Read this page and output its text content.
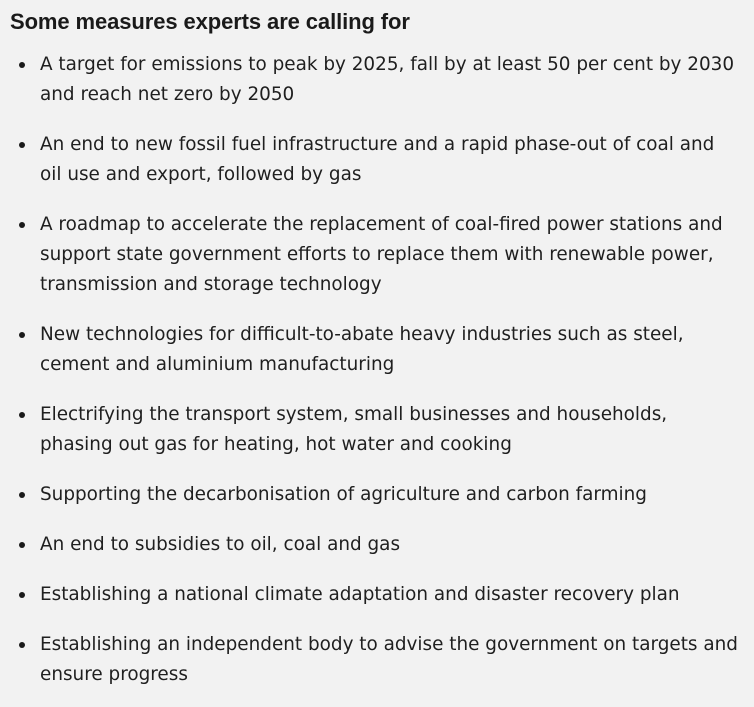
Some measures experts are calling for
A target for emissions to peak by 2025, fall by at least 50 per cent by 2030 and reach net zero by 2050
An end to new fossil fuel infrastructure and a rapid phase-out of coal and oil use and export, followed by gas
A roadmap to accelerate the replacement of coal-fired power stations and support state government efforts to replace them with renewable power, transmission and storage technology
New technologies for difficult-to-abate heavy industries such as steel, cement and aluminium manufacturing
Electrifying the transport system, small businesses and households, phasing out gas for heating, hot water and cooking
Supporting the decarbonisation of agriculture and carbon farming
An end to subsidies to oil, coal and gas
Establishing a national climate adaptation and disaster recovery plan
Establishing an independent body to advise the government on targets and ensure progress
